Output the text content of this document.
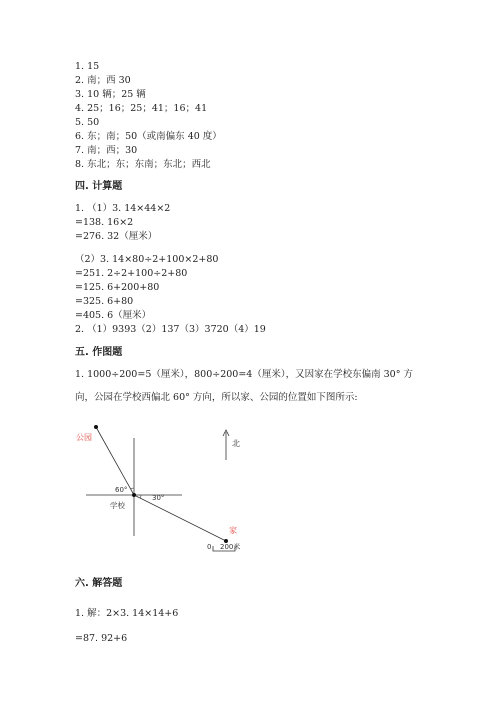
1. 15
2. 南；西 30
3. 10 辆；25 辆
4. 25；16；25；41；16；41
5. 50
6. 东；南；50（或南偏东 40 度）
7. 南；西；30
8. 东北；东；东南；东北；西北
四. 计算题
1. （1）3. 14×44×2
=138. 16×2
=276. 32（厘米）
（2）3. 14×80÷2+100×2+80
=251. 2÷2+100÷2+80
=125. 6+200+80
=325. 6+80
=405. 6（厘米）
2. （1）9393（2）137（3）3720（4）19
五. 作图题
1. 1000÷200=5（厘米），800÷200=4（厘米），又因家在学校东偏南 30° 方
向，公园在学校西偏北 60° 方向，所以家、公园的位置如下图所示:
公园
60°
30°
学校
家
北
0 200米
六. 解答题
1. 解：2×3. 14×14+6
=87. 92+6
